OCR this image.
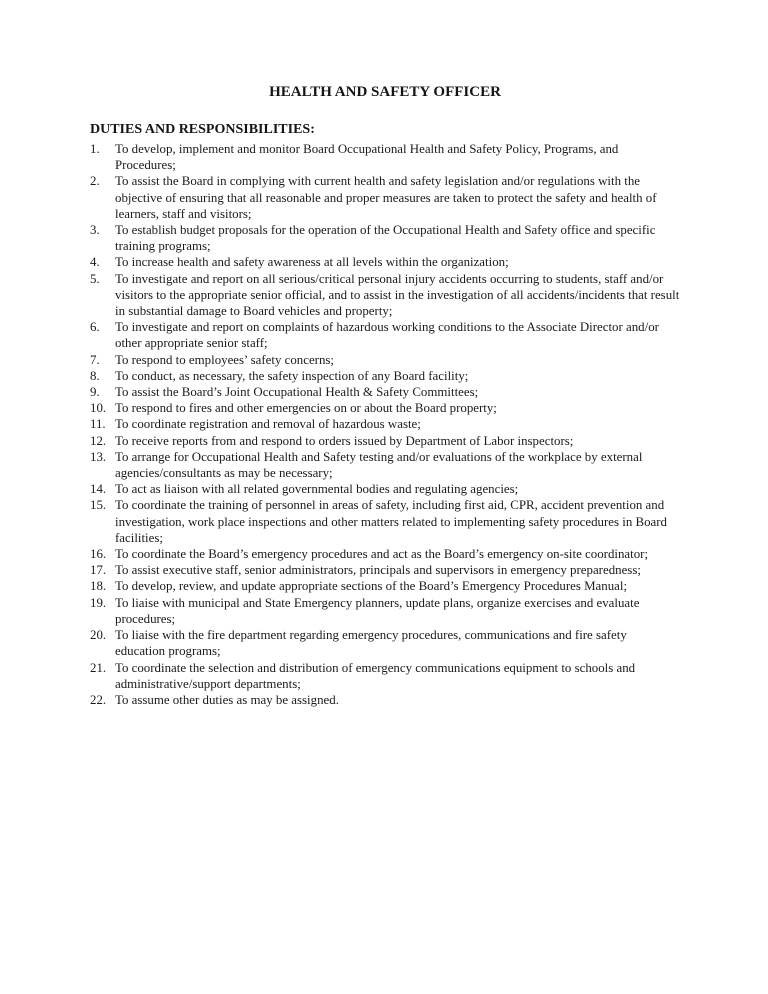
HEALTH AND SAFETY OFFICER
DUTIES AND RESPONSIBILITIES:
1.	To develop, implement and monitor Board Occupational Health and Safety Policy, Programs, and Procedures;
2.	To assist the Board in complying with current health and safety legislation and/or regulations with the objective of ensuring that all reasonable and proper measures are taken to protect the safety and health of learners, staff and visitors;
3.	To establish budget proposals for the operation of the Occupational Health and Safety office and specific training programs;
4.	To increase health and safety awareness at all levels within the organization;
5.	To investigate and report on all serious/critical personal injury accidents occurring to students, staff and/or visitors to the appropriate senior official, and to assist in the investigation of all accidents/incidents that result in substantial damage to Board vehicles and property;
6.	To investigate and report on complaints of hazardous working conditions to the Associate Director and/or other appropriate senior staff;
7.	To respond to employees’ safety concerns;
8.	To conduct, as necessary, the safety inspection of any Board facility;
9.	To assist the Board’s Joint Occupational Health & Safety Committees;
10. To respond to fires and other emergencies on or about the Board property;
11. To coordinate registration and removal of hazardous waste;
12. To receive reports from and respond to orders issued by Department of Labor inspectors;
13. To arrange for Occupational Health and Safety testing and/or evaluations of the workplace by external agencies/consultants as may be necessary;
14. To act as liaison with all related governmental bodies and regulating agencies;
15. To coordinate the training of personnel in areas of safety, including first aid, CPR, accident prevention and investigation, work place inspections and other matters related to implementing safety procedures in Board facilities;
16. To coordinate the Board’s emergency procedures and act as the Board’s emergency on-site coordinator;
17. To assist executive staff, senior administrators, principals and supervisors in emergency preparedness;
18. To develop, review, and update appropriate sections of the Board’s Emergency Procedures Manual;
19. To liaise with municipal and State Emergency planners, update plans, organize exercises and evaluate procedures;
20. To liaise with the fire department regarding emergency procedures, communications and fire safety education programs;
21. To coordinate the selection and distribution of emergency communications equipment to schools and administrative/support departments;
22. To assume other duties as may be assigned.
